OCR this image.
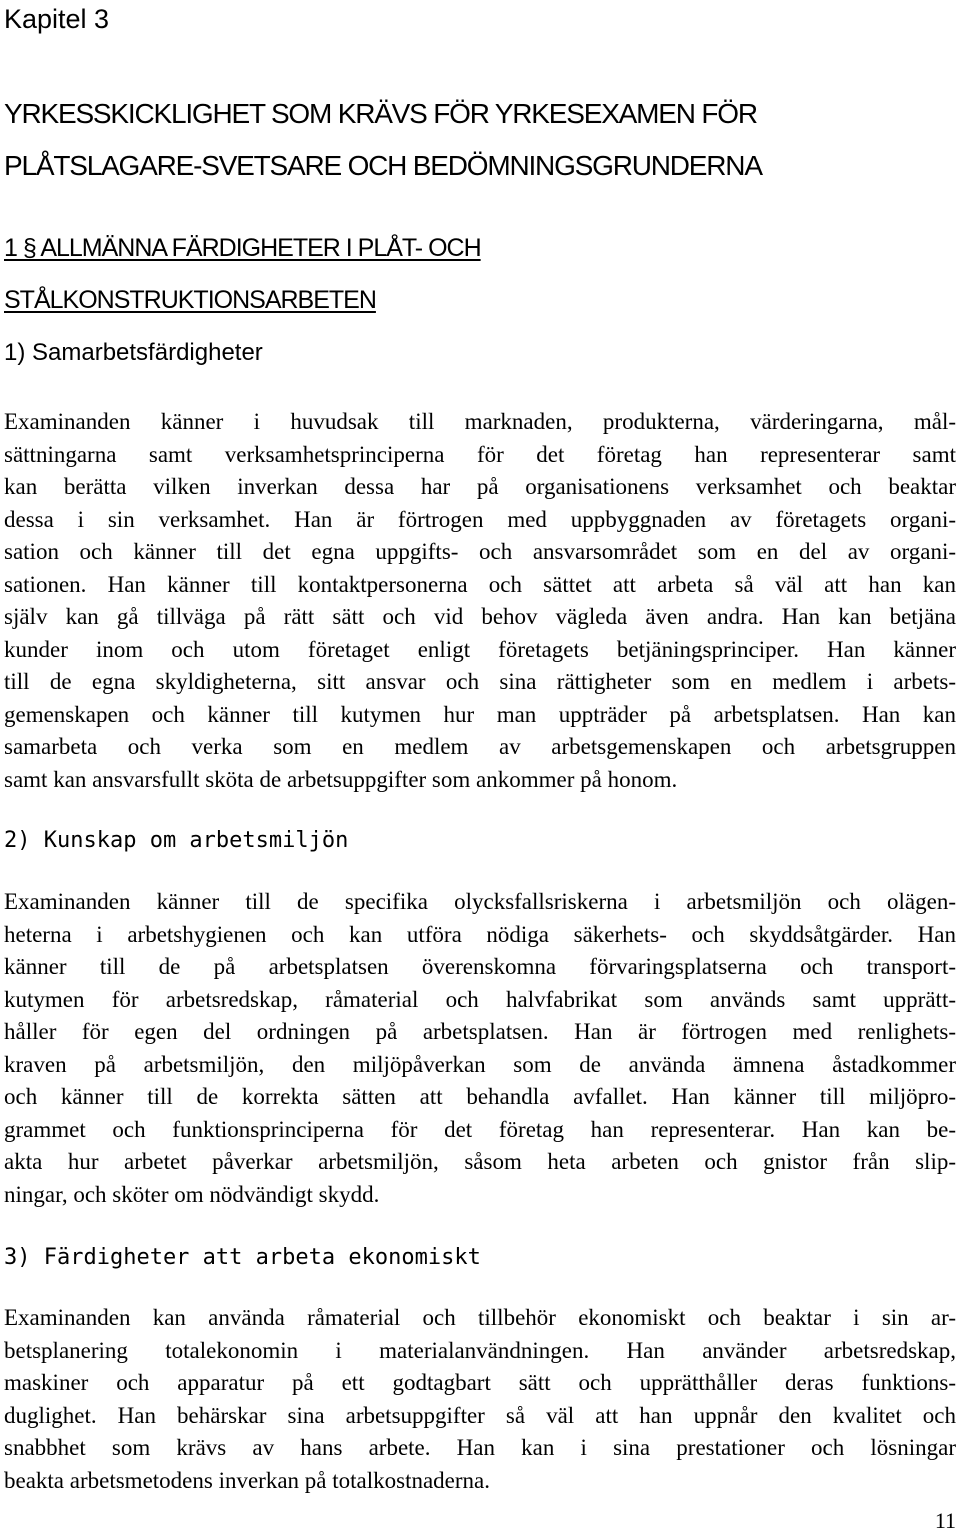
Kapitel 3
YRKESSKICKLIGHET SOM KRÄVS FÖR YRKESEXAMEN FÖR
PLÅTSLAGARE-SVETSARE OCH BEDÖMNINGSGRUNDERNA
1 § ALLMÄNNA FÄRDIGHETER I PLÅT- OCH
STÅLKONSTRUKTIONSARBETEN
1) Samarbetsfärdigheter
Examinanden känner i huvudsak till marknaden, produkterna, värderingarna, mål-
sättningarna samt verksamhetsprinciperna för det företag han representerar samt
kan berätta vilken inverkan dessa har på organisationens verksamhet och beaktar
dessa i sin verksamhet. Han är förtrogen med uppbyggnaden av företagets organi-
sation och känner till det egna uppgifts- och ansvarsområdet som en del av organi-
sationen. Han känner till kontaktpersonerna och sättet att arbeta så väl att han kan
själv kan gå tillväga på rätt sätt och vid behov vägleda även andra. Han kan betjäna
kunder inom och utom företaget enligt företagets betjäningsprinciper. Han känner
till de egna skyldigheterna, sitt ansvar och sina rättigheter som en medlem i arbets-
gemenskapen och känner till kutymen hur man uppträder på arbetsplatsen. Han kan
samarbeta och verka som en medlem av arbetsgemenskapen och arbetsgruppen
samt kan ansvarsfullt sköta de arbetsuppgifter som ankommer på honom.
2) Kunskap om arbetsmiljön
Examinanden känner till de specifika olycksfallsriskerna i arbetsmiljön och olägen-
heterna i arbetshygienen och kan utföra nödiga säkerhets- och skyddsåtgärder. Han
känner till de på arbetsplatsen överenskomna förvaringsplatserna och transport-
kutymen för arbetsredskap, råmaterial och halvfabrikat som används samt upprätt-
håller för egen del ordningen på arbetsplatsen. Han är förtrogen med renlighets-
kraven på arbetsmiljön, den miljöpåverkan som de använda ämnena åstadkommer
och känner till de korrekta sätten att behandla avfallet. Han känner till miljöpro-
grammet och funktionsprinciperna för det företag han representerar. Han kan be-
akta hur arbetet påverkar arbetsmiljön, såsom heta arbeten och gnistor från slip-
ningar, och sköter om nödvändigt skydd.
3) Färdigheter att arbeta ekonomiskt
Examinanden kan använda råmaterial och tillbehör ekonomiskt och beaktar i sin ar-
betsplanering totalekonomin i materialanvändningen. Han använder arbetsredskap,
maskiner och apparatur på ett godtagbart sätt och upprätthåller deras funktions-
duglighet. Han behärskar sina arbetsuppgifter så väl att han uppnår den kvalitet och
snabbhet som krävs av hans arbete. Han kan i sina prestationer och lösningar
beakta arbetsmetodens inverkan på totalkostnaderna.
11
